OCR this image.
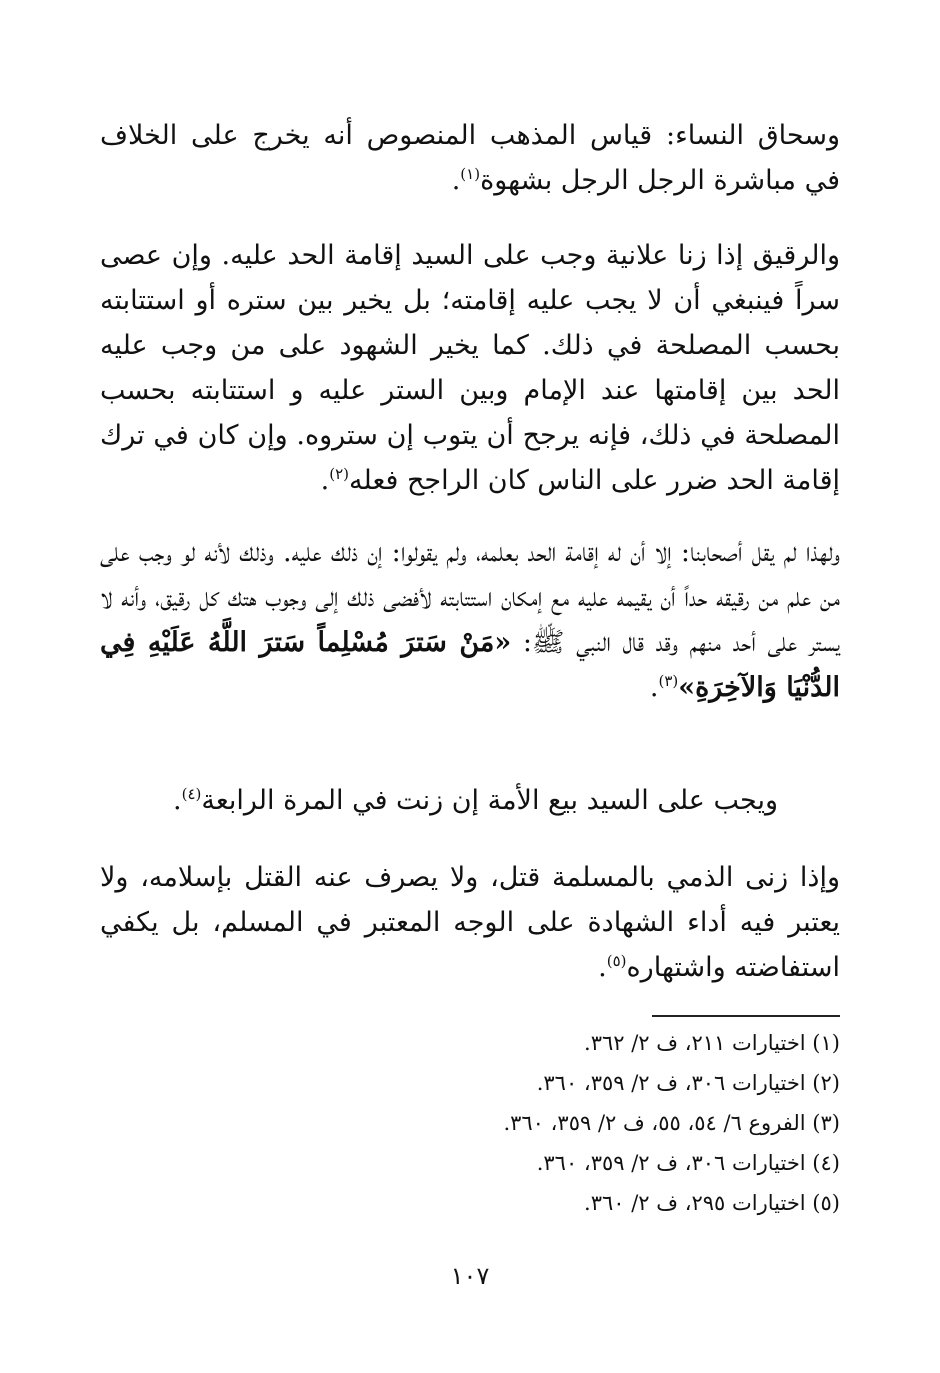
وسحاق النساء: قياس المذهب المنصوص أنه يخرج على الخلاف في مباشرة الرجل الرجل بشهوة$^{(١)}$.

والرقيق إذا زنا علانية وجب على السيد إقامة الحد عليه. وإن عصى سراً فينبغي أن لا يجب عليه إقامته؛ بل يخير بين ستره أو استتابته بحسب المصلحة في ذلك. كما يخير الشهود على من وجب عليه الحد بين إقامتها عند الإمام وبين الستر عليه و استتابته بحسب المصلحة في ذلك، فإنه يرجح أن يتوب إن ستروه. وإن كان في ترك إقامة الحد ضرر على الناس كان الراجح فعله$^{(٢)}$.

ولهذا لم يقل أصحابنا: إلا أن له إقامة الحد بعلمه، ولم يقولوا: إن ذلك عليه. وذلك لأنه لو وجب على من علم من رقيقه حداً أن يقيمه عليه مع إمكان استتابته لأفضى ذلك إلى وجوب هتك كل رقيق، وأنه لا يستر على أحد منهم وقد قال النبي ﷺ: «مَنْ سَترَ مُسْلِماً سَترَ اللَّهُ عَلَيْهِ فِي الدُّنْيَا وَالآخِرَةِ»$^{(٣)}$.

ويجب على السيد بيع الأمة إن زنت في المرة الرابعة$^{(٤)}$.

وإذا زنى الذمي بالمسلمة قتل، ولا يصرف عنه القتل بإسلامه، ولا يعتبر فيه أداء الشهادة على الوجه المعتبر في المسلم، بل يكفي استفاضته واشتهاره$^{(٥)}$.

(١) اختيارات ٢١١، ف ٢/ ٣٦٢.
(٢) اختيارات ٣٠٦، ف ٢/ ٣٥٩، ٣٦٠.
(٣) الفروع ٦/ ٥٤، ٥٥، ف ٢/ ٣٥٩، ٣٦٠.
(٤) اختيارات ٣٠٦، ف ٢/ ٣٥٩، ٣٦٠.
(٥) اختيارات ٢٩٥، ف ٢/ ٣٦٠.
١٠٧
